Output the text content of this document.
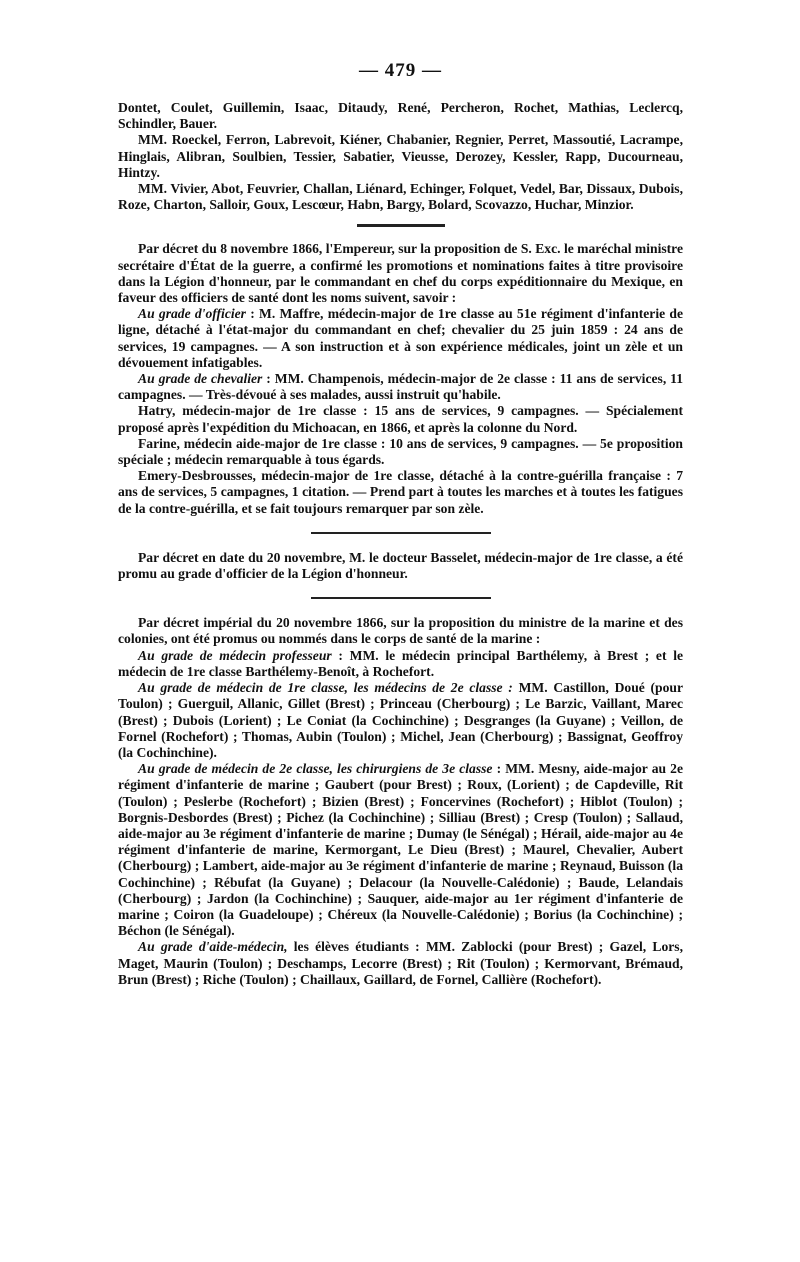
— 479 —

Dontet, Coulet, Guillemin, Isaac, Ditaudy, René, Percheron, Rochet, Mathias, Leclercq, Schindler, Bauer.

MM. Roeckel, Ferron, Labrevoit, Kiéner, Chabanier, Regnier, Perret, Massoutié, Lacrampe, Hinglais, Alibran, Soulbien, Tessier, Sabatier, Vieusse, Derozey, Kessler, Rapp, Ducourneau, Hintzy.

MM. Vivier, Abot, Feuvrier, Challan, Liénard, Echinger, Folquet, Vedel, Bar, Dissaux, Dubois, Roze, Charton, Salloir, Goux, Lescœur, Habn, Bargy, Bolard, Scovazzo, Huchar, Minzior.

Par décret du 8 novembre 1866, l'Empereur, sur la proposition de S. Exc. le maréchal ministre secrétaire d'État de la guerre, a confirmé les promotions et nominations faites à titre provisoire dans la Légion d'honneur, par le commandant en chef du corps expéditionnaire du Mexique, en faveur des officiers de santé dont les noms suivent, savoir :

Au grade d'officier : M. Maffre, médecin-major de 1re classe au 51e régiment d'infanterie de ligne, détaché à l'état-major du commandant en chef; chevalier du 25 juin 1859 : 24 ans de services, 19 campagnes. — A son instruction et à son expérience médicales, joint un zèle et un dévouement infatigables.

Au grade de chevalier : MM. Champenois, médecin-major de 2e classe : 11 ans de services, 11 campagnes. — Très-dévoué à ses malades, aussi instruit qu'habile.

Hatry, médecin-major de 1re classe : 15 ans de services, 9 campagnes. — Spécialement proposé après l'expédition du Michoacan, en 1866, et après la colonne du Nord.

Farine, médecin aide-major de 1re classe : 10 ans de services, 9 campagnes. — 5e proposition spéciale ; médecin remarquable à tous égards.

Emery-Desbrousses, médecin-major de 1re classe, détaché à la contre-guérilla française : 7 ans de services, 5 campagnes, 1 citation. — Prend part à toutes les marches et à toutes les fatigues de la contre-guérilla, et se fait toujours remarquer par son zèle.

Par décret en date du 20 novembre, M. le docteur Basselet, médecin-major de 1re classe, a été promu au grade d'officier de la Légion d'honneur.

Par décret impérial du 20 novembre 1866, sur la proposition du ministre de la marine et des colonies, ont été promus ou nommés dans le corps de santé de la marine :

Au grade de médecin professeur : MM. le médecin principal Barthélemy, à Brest ; et le médecin de 1re classe Barthélemy-Benoît, à Rochefort.

Au grade de médecin de 1re classe, les médecins de 2e classe : MM. Castillon, Doué (pour Toulon) ; Guerguil, Allanic, Gillet (Brest) ; Princeau (Cherbourg) ; Le Barzic, Vaillant, Marec (Brest) ; Dubois (Lorient) ; Le Coniat (la Cochinchine) ; Desgranges (la Guyane) ; Veillon, de Fornel (Rochefort) ; Thomas, Aubin (Toulon) ; Michel, Jean (Cherbourg) ; Bassignat, Geoffroy (la Cochinchine).

Au grade de médecin de 2e classe, les chirurgiens de 3e classe : MM. Mesny, aide-major au 2e régiment d'infanterie de marine ; Gaubert (pour Brest) ; Roux, (Lorient) ; de Capdeville, Rit (Toulon) ; Peslerbe (Rochefort) ; Bizien (Brest) ; Foncervines (Rochefort) ; Hiblot (Toulon) ; Borgnis-Desbordes (Brest) ; Pichez (la Cochinchine) ; Silliau (Brest) ; Cresp (Toulon) ; Sallaud, aide-major au 3e régiment d'infanterie de marine ; Dumay (le Sénégal) ; Hérail, aide-major au 4e régiment d'infanterie de marine, Kermorgant, Le Dieu (Brest) ; Maurel, Chevalier, Aubert (Cherbourg) ; Lambert, aide-major au 3e régiment d'infanterie de marine ; Reynaud, Buisson (la Cochinchine) ; Rébufat (la Guyane) ; Delacour (la Nouvelle-Calédonie) ; Baude, Lelandais (Cherbourg) ; Jardon (la Cochinchine) ; Sauquer, aide-major au 1er régiment d'infanterie de marine ; Coiron (la Guadeloupe) ; Chéreux (la Nouvelle-Calédonie) ; Borius (la Cochinchine) ; Béchon (le Sénégal).

Au grade d'aide-médecin, les élèves étudiants : MM. Zablocki (pour Brest) ; Gazel, Lors, Maget, Maurin (Toulon) ; Deschamps, Lecorre (Brest) ; Rit (Toulon) ; Kermorvant, Brémaud, Brun (Brest) ; Riche (Toulon) ; Chaillaux, Gaillard, de Fornel, Callière (Rochefort).
